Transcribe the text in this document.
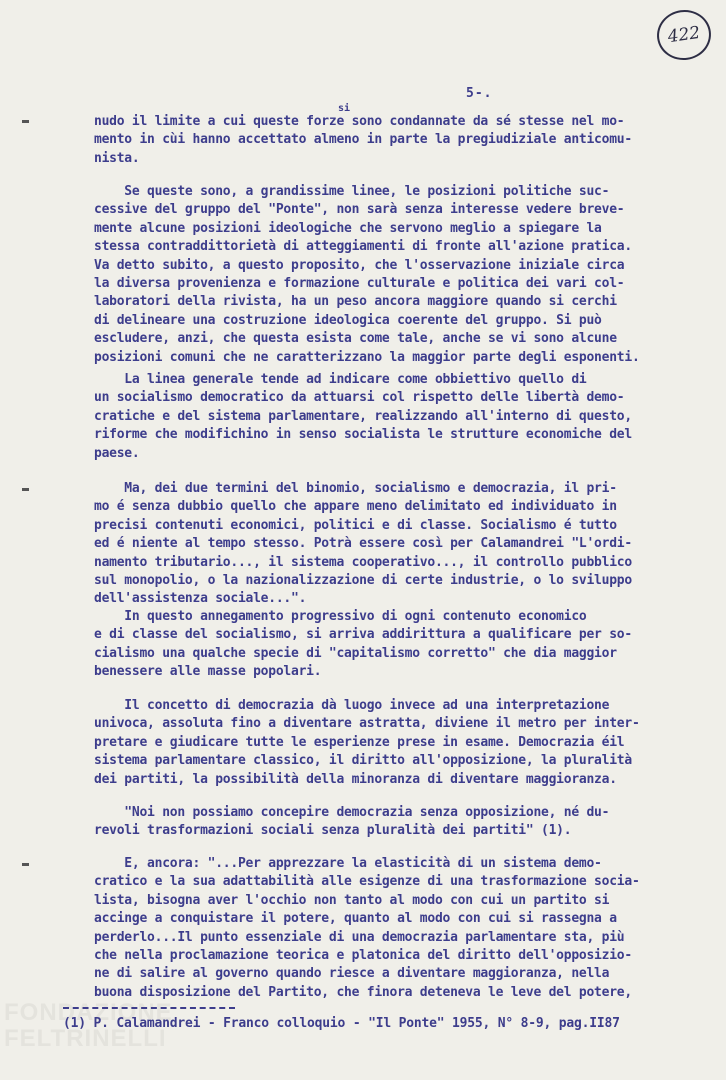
FONDAZIONE
FELTRINELLI
422
5-.
si

nudo il limite a cui queste forze sono condannate da sé stesse nel mo-
mento in cùi hanno accettato almeno in parte la pregiudiziale anticomu-
nista.

Se queste sono, a grandissime linee, le posizioni politiche suc-
cessive del gruppo del "Ponte", non sarà senza interesse vedere breve-
mente alcune posizioni ideologiche che servono meglio a spiegare la
stessa contraddittorietà di atteggiamenti di fronte all'azione pratica.
Va detto subito, a questo proposito, che l'osservazione iniziale circa
la diversa provenienza e formazione culturale e politica dei vari col-
laboratori della rivista, ha un peso ancora maggiore quando si cerchi
di delineare una costruzione ideologica coerente del gruppo. Si può
escludere, anzi, che questa esista come tale, anche se vi sono alcune
posizioni comuni che ne caratterizzano la maggior parte degli esponenti.

La linea generale tende ad indicare come obbiettivo quello di
un socialismo democratico da attuarsi col rispetto delle libertà demo-
cratiche e del sistema parlamentare, realizzando all'interno di questo,
riforme che modifichino in senso socialista le strutture economiche del
paese.

Ma, dei due termini del binomio, socialismo e democrazia, il pri-
mo é senza dubbio quello che appare meno delimitato ed individuato in
precisi contenuti economici, politici e di classe. Socialismo é tutto
ed é niente al tempo stesso. Potrà essere così per Calamandrei "L'ordi-
namento tributario..., il sistema cooperativo..., il controllo pubblico
sul monopolio, o la nazionalizzazione di certe industrie, o lo sviluppo
dell'assistenza sociale...".

In questo annegamento progressivo di ogni contenuto economico
e di classe del socialismo, si arriva addirittura a qualificare per so-
cialismo una qualche specie di "capitalismo corretto" che dia maggior
benessere alle masse popolari.

Il concetto di democrazia dà luogo invece ad una interpretazione
univoca, assoluta fino a diventare astratta, diviene il metro per inter-
pretare e giudicare tutte le esperienze prese in esame. Democrazia éil
sistema parlamentare classico, il diritto all'opposizione, la pluralità
dei partiti, la possibilità della minoranza di diventare maggioranza.

"Noi non possiamo concepire democrazia senza opposizione, né du-
revoli trasformazioni sociali senza pluralità dei partiti" (1).

E, ancora: "...Per apprezzare la elasticità di un sistema demo-
cratico e la sua adattabilità alle esigenze di una trasformazione socia-
lista, bisogna aver l'occhio non tanto al modo con cui un partito si
accinge a conquistare il potere, quanto al modo con cui si rassegna a
perderlo...Il punto essenziale di una democrazia parlamentare sta, più
che nella proclamazione teorica e platonica del diritto dell'opposizio-
ne di salire al governo quando riesce a diventare maggioranza, nella
buona disposizione del Partito, che finora deteneva le leve del potere,

(1) P. Calamandrei - Franco colloquio - "Il Ponte" 1955, N° 8-9, pag.II87
